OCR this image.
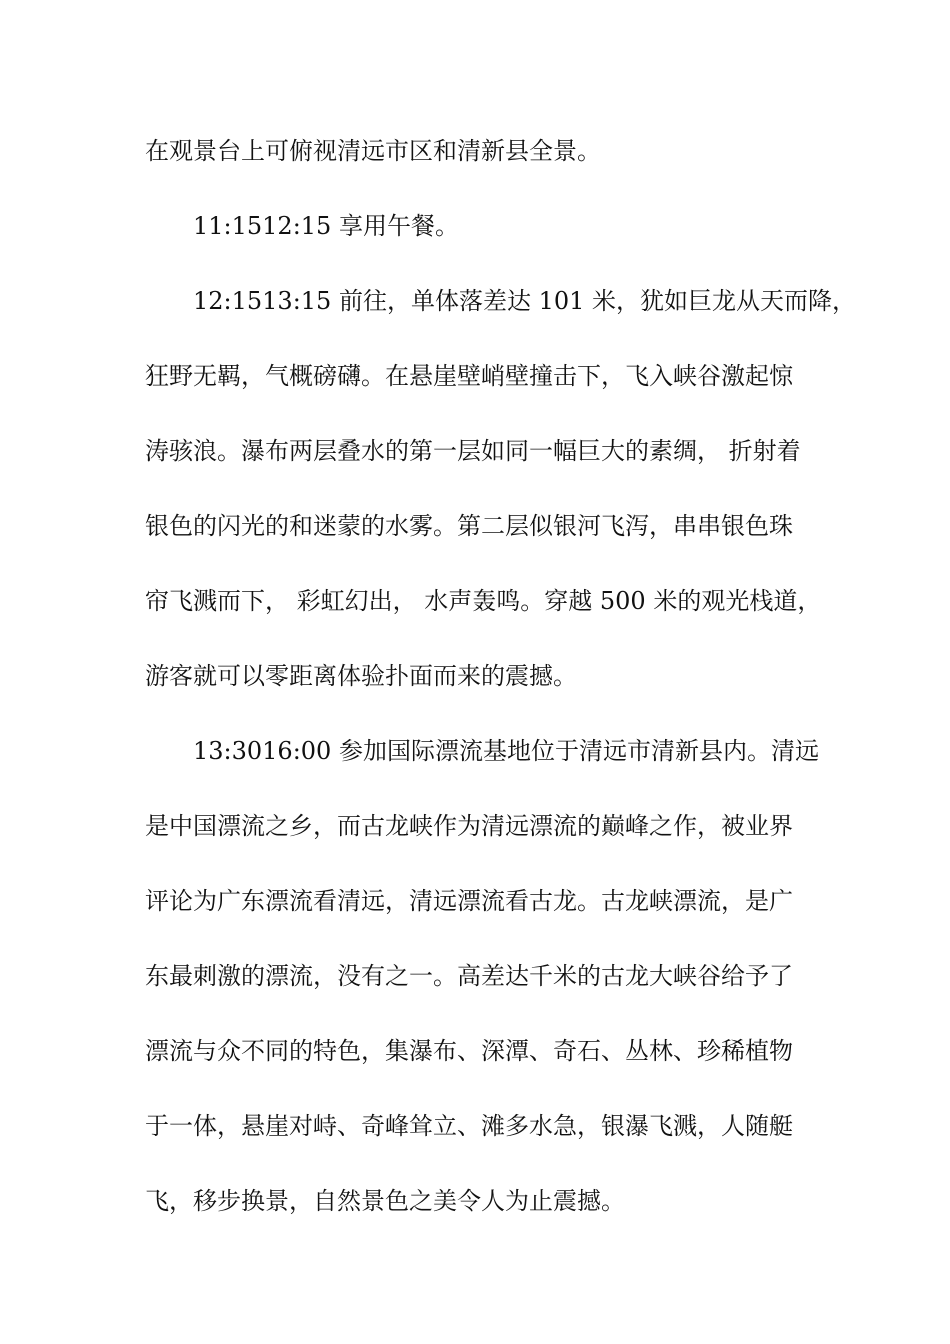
在观景台上可俯视清远市区和清新县全景。
11:1512:15 享用午餐。
12:1513:15 前往，单体落差达 101 米，犹如巨龙从天而降，
狂野无羁，气概磅礴。在悬崖壁峭壁撞击下，飞入峡谷激起惊
涛骇浪。瀑布两层叠水的第一层如同一幅巨大的素绸， 折射着
银色的闪光的和迷蒙的水雾。第二层似银河飞泻，串串银色珠
帘飞溅而下， 彩虹幻出， 水声轰鸣。穿越 500 米的观光栈道，
游客就可以零距离体验扑面而来的震撼。
13:3016:00 参加国际漂流基地位于清远市清新县内。清远
是中国漂流之乡，而古龙峡作为清远漂流的巅峰之作，被业界
评论为广东漂流看清远，清远漂流看古龙。古龙峡漂流，是广
东最刺激的漂流，没有之一。高差达千米的古龙大峡谷给予了
漂流与众不同的特色，集瀑布、深潭、奇石、丛林、珍稀植物
于一体，悬崖对峙、奇峰耸立、滩多水急，银瀑飞溅，人随艇
飞，移步换景，自然景色之美令人为止震撼。
